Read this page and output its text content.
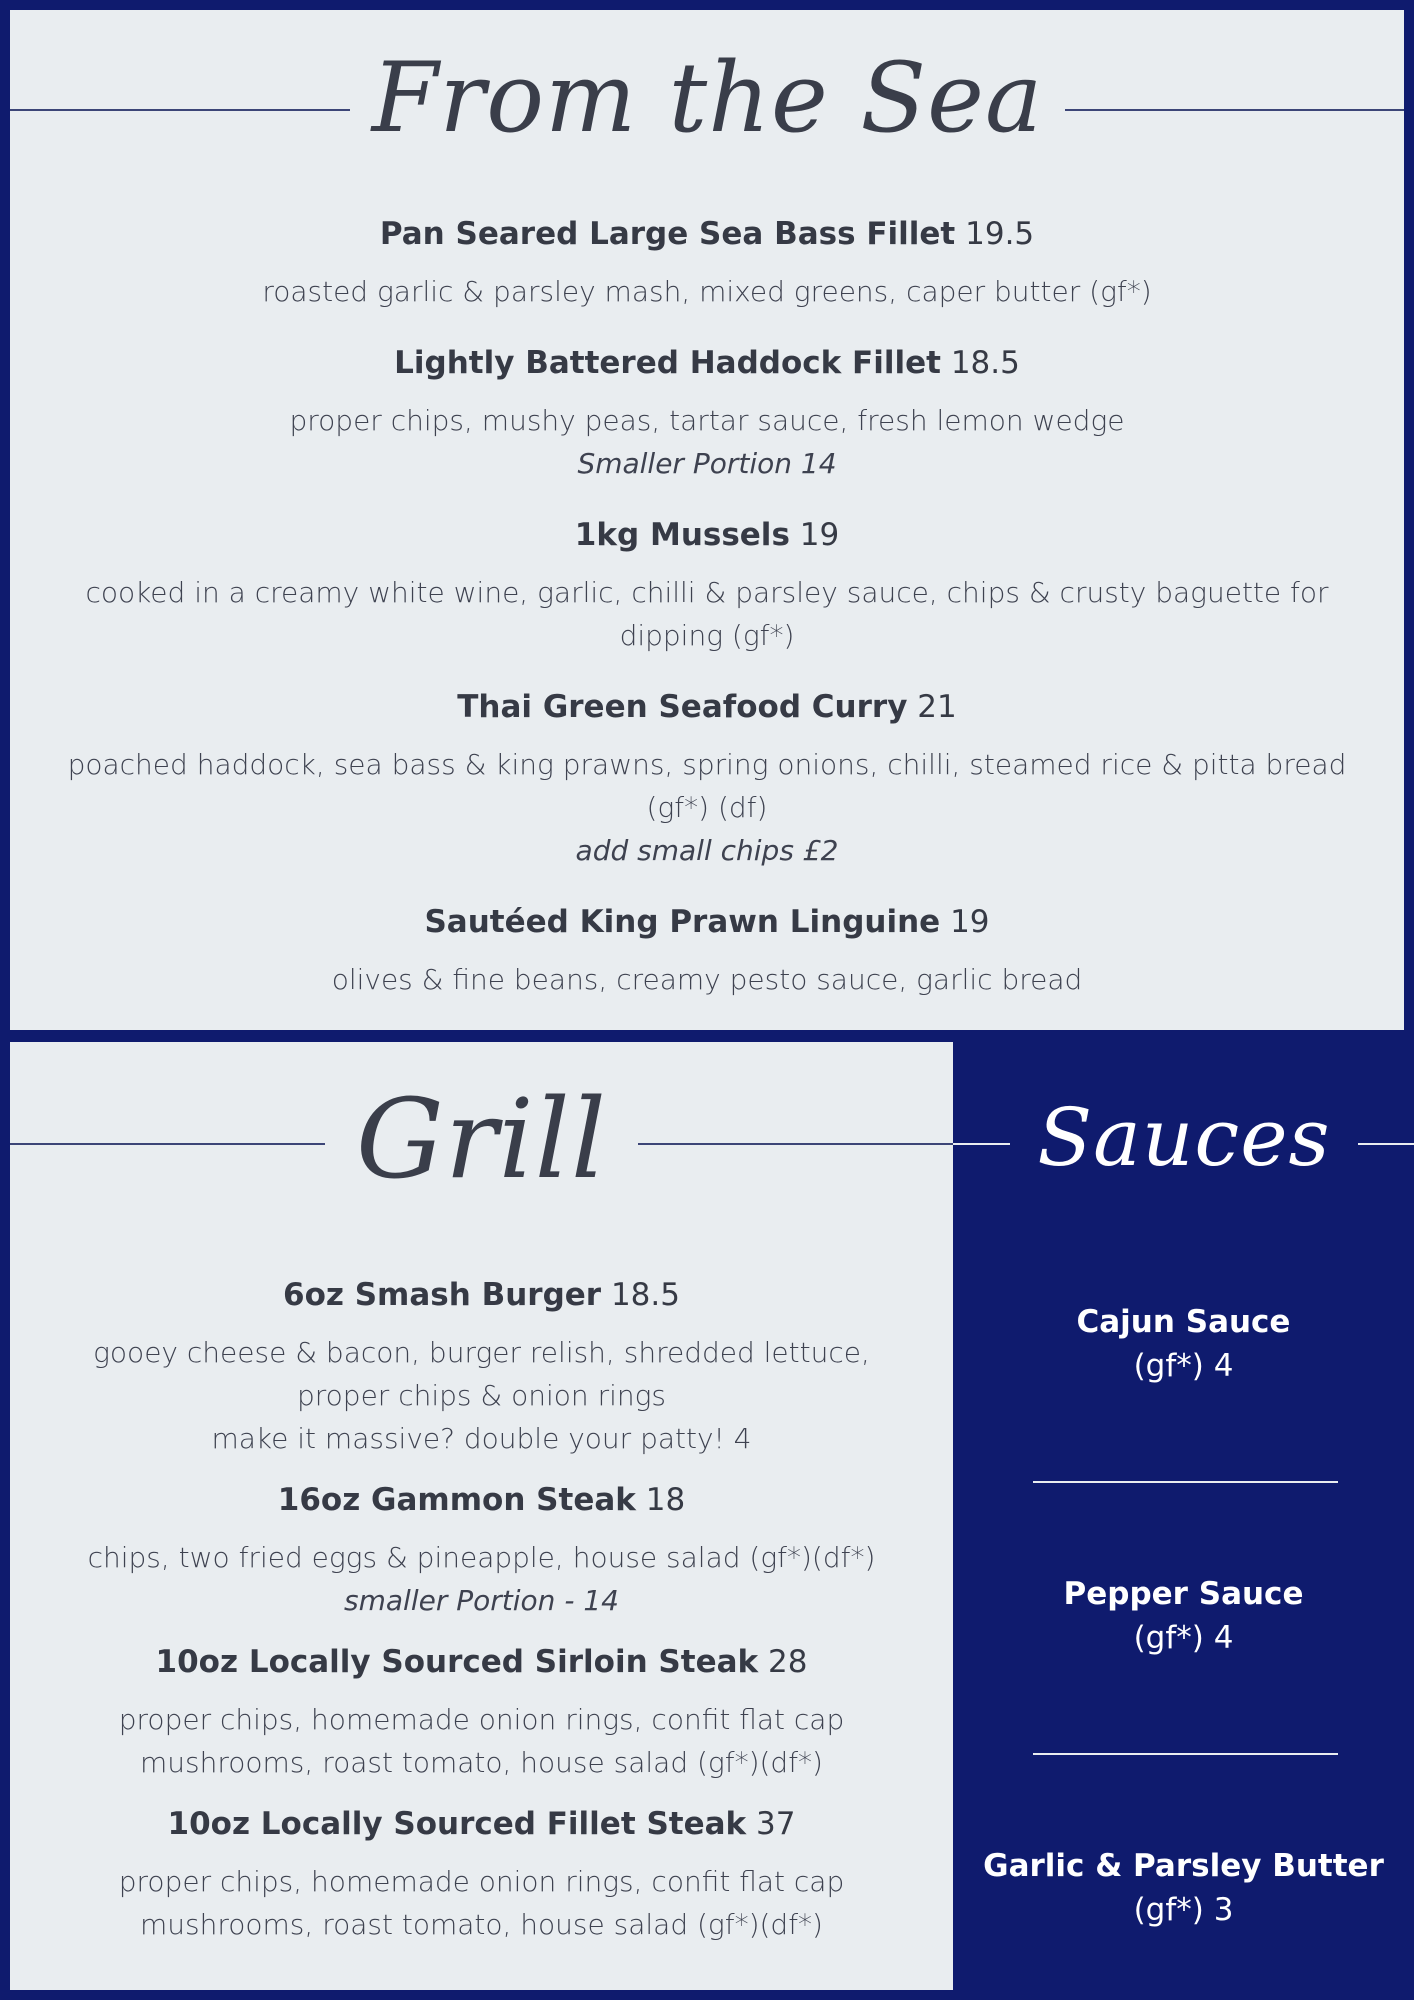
From the Sea
Pan Seared Large Sea Bass Fillet 19.5
roasted garlic & parsley mash, mixed greens, caper butter (gf*)
Lightly Battered Haddock Fillet 18.5
proper chips, mushy peas, tartar sauce, fresh lemon wedge
Smaller Portion 14
1kg Mussels 19
cooked in a creamy white wine, garlic, chilli & parsley sauce, chips & crusty baguette for dipping (gf*)
Thai Green Seafood Curry 21
poached haddock, sea bass & king prawns, spring onions, chilli, steamed rice & pitta bread (gf*) (df)
add small chips £2
Sautéed King Prawn Linguine 19
olives & fine beans, creamy pesto sauce, garlic bread
Grill
6oz Smash Burger 18.5
gooey cheese & bacon, burger relish, shredded lettuce, proper chips & onion rings
make it massive? double your patty! 4
16oz Gammon Steak 18
chips, two fried eggs & pineapple, house salad (gf*)(df*)
smaller Portion - 14
10oz Locally Sourced Sirloin Steak 28
proper chips, homemade onion rings, confit flat cap mushrooms, roast tomato, house salad (gf*)(df*)
10oz Locally Sourced Fillet Steak 37
proper chips, homemade onion rings, confit flat cap mushrooms, roast tomato, house salad (gf*)(df*)
Sauces
Cajun Sauce
(gf*) 4
Pepper Sauce
(gf*) 4
Garlic & Parsley Butter
(gf*) 3
